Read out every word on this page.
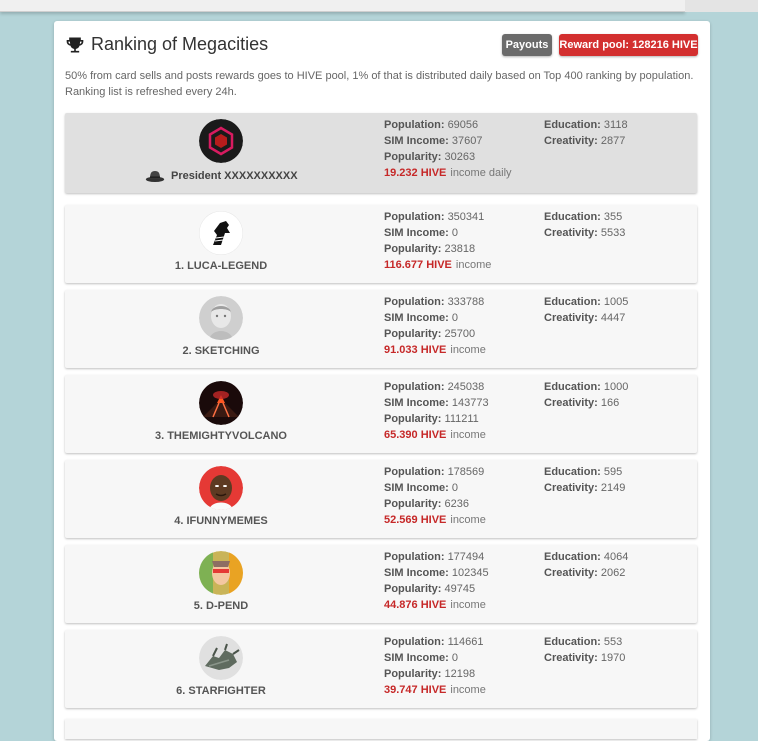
Ranking of Megacities	Payouts	Reward pool: 128216 HIVE
50% from card sells and posts rewards goes to HIVE pool, 1% of that is distributed daily based on Top 400 ranking by population. Ranking list is refreshed every 24h.
President XXXXXXXXXX
Population: 69056
SIM Income: 37607
Popularity: 30263
19.232 HIVE income daily
Education: 3118
Creativity: 2877
1. LUCA-LEGEND
Population: 350341
SIM Income: 0
Popularity: 23818
116.677 HIVE income
Education: 355
Creativity: 5533
2. SKETCHING
Population: 333788
SIM Income: 0
Popularity: 25700
91.033 HIVE income
Education: 1005
Creativity: 4447
3. THEMIGHTYVOLCANO
Population: 245038
SIM Income: 143773
Popularity: 111211
65.390 HIVE income
Education: 1000
Creativity: 166
4. IFUNNYMEMES
Population: 178569
SIM Income: 0
Popularity: 6236
52.569 HIVE income
Education: 595
Creativity: 2149
5. D-PEND
Population: 177494
SIM Income: 102345
Popularity: 49745
44.876 HIVE income
Education: 4064
Creativity: 2062
6. STARFIGHTER
Population: 114661
SIM Income: 0
Popularity: 12198
39.747 HIVE income
Education: 553
Creativity: 1970
